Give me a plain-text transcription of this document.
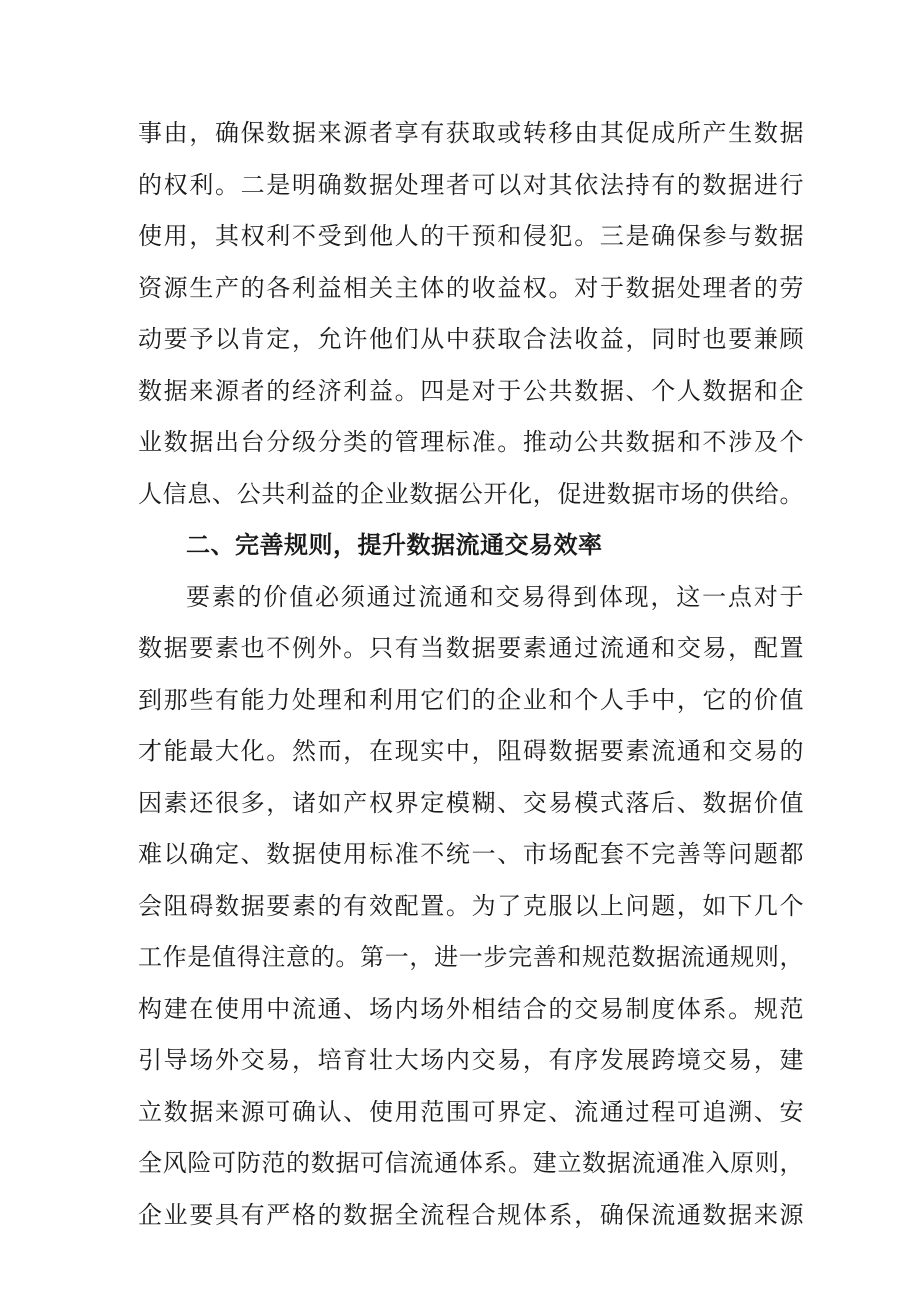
事由，确保数据来源者享有获取或转移由其促成所产生数据
的权利。二是明确数据处理者可以对其依法持有的数据进行
使用，其权利不受到他人的干预和侵犯。三是确保参与数据
资源生产的各利益相关主体的收益权。对于数据处理者的劳
动要予以肯定，允许他们从中获取合法收益，同时也要兼顾
数据来源者的经济利益。四是对于公共数据、个人数据和企
业数据出台分级分类的管理标准。推动公共数据和不涉及个
人信息、公共利益的企业数据公开化，促进数据市场的供给。
二、完善规则，提升数据流通交易效率
要素的价值必须通过流通和交易得到体现，这一点对于
数据要素也不例外。只有当数据要素通过流通和交易，配置
到那些有能力处理和利用它们的企业和个人手中，它的价值
才能最大化。然而，在现实中，阻碍数据要素流通和交易的
因素还很多，诸如产权界定模糊、交易模式落后、数据价值
难以确定、数据使用标准不统一、市场配套不完善等问题都
会阻碍数据要素的有效配置。为了克服以上问题，如下几个
工作是值得注意的。第一，进一步完善和规范数据流通规则，
构建在使用中流通、场内场外相结合的交易制度体系。规范
引导场外交易，培育壮大场内交易，有序发展跨境交易，建
立数据来源可确认、使用范围可界定、流通过程可追溯、安
全风险可防范的数据可信流通体系。建立数据流通准入原则，
企业要具有严格的数据全流程合规体系，确保流通数据来源
